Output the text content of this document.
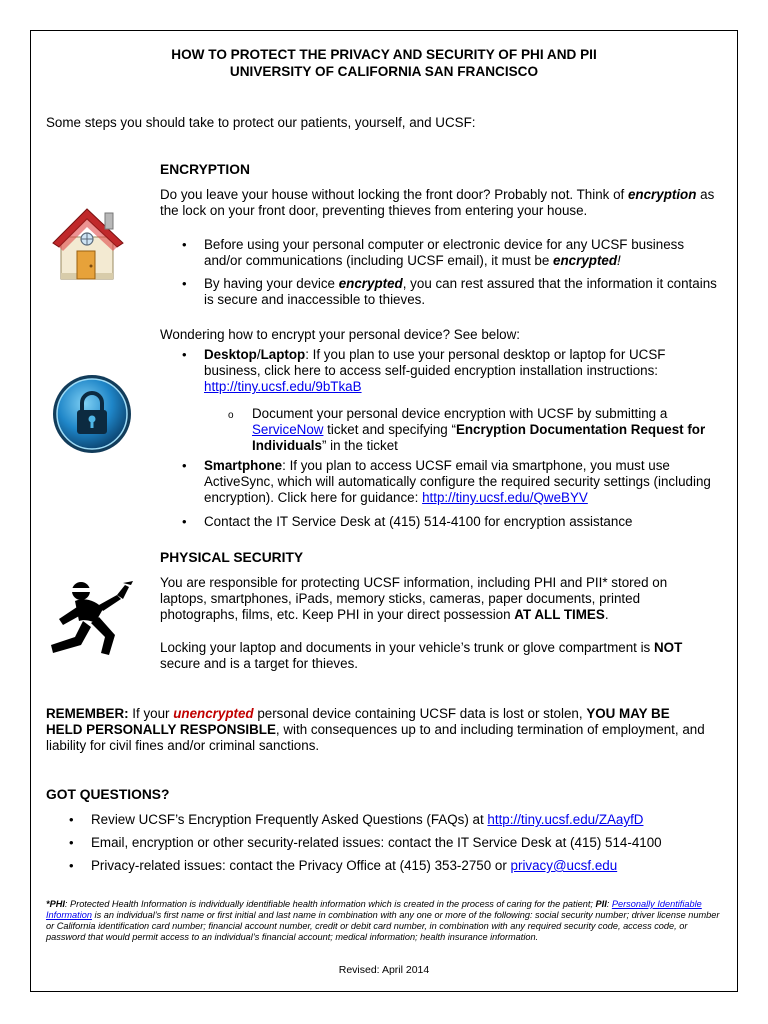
HOW TO PROTECT THE PRIVACY AND SECURITY OF PHI AND PII
UNIVERSITY OF CALIFORNIA SAN FRANCISCO
Some steps you should take to protect our patients, yourself, and UCSF:
ENCRYPTION
Do you leave your house without locking the front door? Probably not. Think of encryption as the lock on your front door, preventing thieves from entering your house.
• Before using your personal computer or electronic device for any UCSF business and/or communications (including UCSF email), it must be encrypted!
• By having your device encrypted, you can rest assured that the information it contains is secure and inaccessible to thieves.
Wondering how to encrypt your personal device? See below:
• Desktop/Laptop: If you plan to use your personal desktop or laptop for UCSF business, click here to access self-guided encryption installation instructions: http://tiny.ucsf.edu/9bTkaB
o Document your personal device encryption with UCSF by submitting a ServiceNow ticket and specifying “Encryption Documentation Request for Individuals” in the ticket
• Smartphone: If you plan to access UCSF email via smartphone, you must use ActiveSync, which will automatically configure the required security settings (including encryption). Click here for guidance: http://tiny.ucsf.edu/QweBYV
• Contact the IT Service Desk at (415) 514-4100 for encryption assistance
PHYSICAL SECURITY
You are responsible for protecting UCSF information, including PHI and PII* stored on laptops, smartphones, iPads, memory sticks, cameras, paper documents, printed photographs, films, etc. Keep PHI in your direct possession AT ALL TIMES.
Locking your laptop and documents in your vehicle’s trunk or glove compartment is NOT secure and is a target for thieves.
REMEMBER: If your unencrypted personal device containing UCSF data is lost or stolen, YOU MAY BE HELD PERSONALLY RESPONSIBLE, with consequences up to and including termination of employment, and liability for civil fines and/or criminal sanctions.
GOT QUESTIONS?
• Review UCSF’s Encryption Frequently Asked Questions (FAQs) at http://tiny.ucsf.edu/ZAayfD
• Email, encryption or other security-related issues: contact the IT Service Desk at (415) 514-4100
• Privacy-related issues: contact the Privacy Office at (415) 353-2750 or privacy@ucsf.edu
*PHI: Protected Health Information is individually identifiable health information which is created in the process of caring for the patient; PII: Personally Identifiable Information is an individual’s first name or first initial and last name in combination with any one or more of the following: social security number; driver license number or California identification card number; financial account number, credit or debit card number, in combination with any required security code, access code, or password that would permit access to an individual’s financial account; medical information; health insurance information.
Revised: April 2014
